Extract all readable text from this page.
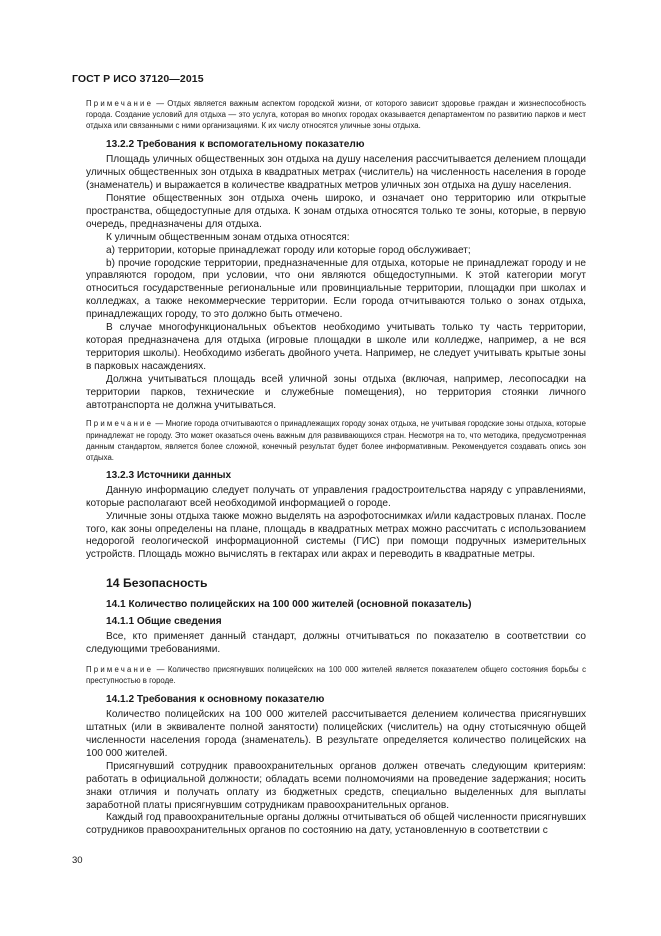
ГОСТ Р ИСО 37120—2015

Примечание — Отдых является важным аспектом городской жизни, от которого зависит здоровье граждан и жизнеспособность города. Создание условий для отдыха — это услуга, которая во многих городах оказывается департаментом по развитию парков и мест отдыха или связанными с ними организациями. К их числу относятся уличные зоны отдыха.

13.2.2 Требования к вспомогательному показателю

Площадь уличных общественных зон отдыха на душу населения рассчитывается делением площади уличных общественных зон отдыха в квадратных метрах (числитель) на численность населения в городе (знаменатель) и выражается в количестве квадратных метров уличных зон отдыха на душу населения.

Понятие общественных зон отдыха очень широко, и означает оно территорию или открытые пространства, общедоступные для отдыха. К зонам отдыха относятся только те зоны, которые, в первую очередь, предназначены для отдыха.

К уличным общественным зонам отдыха относятся:

а) территории, которые принадлежат городу или которые город обслуживает;

b) прочие городские территории, предназначенные для отдыха, которые не принадлежат городу и не управляются городом, при условии, что они являются общедоступными. К этой категории могут относиться государственные региональные или провинциальные территории, площадки при школах и колледжах, а также некоммерческие территории. Если города отчитываются только о зонах отдыха, принадлежащих городу, то это должно быть отмечено.

В случае многофункциональных объектов необходимо учитывать только ту часть территории, которая предназначена для отдыха (игровые площадки в школе или колледже, например, а не вся территория школы). Необходимо избегать двойного учета. Например, не следует учитывать крытые зоны в парковых насаждениях.

Должна учитываться площадь всей уличной зоны отдыха (включая, например, лесопосадки на территории парков, технические и служебные помещения), но территория стоянки личного автотранспорта не должна учитываться.

Примечание — Многие города отчитываются о принадлежащих городу зонах отдыха, не учитывая городские зоны отдыха, которые принадлежат не городу. Это может оказаться очень важным для развивающихся стран. Несмотря на то, что методика, предусмотренная данным стандартом, является более сложной, конечный результат будет более информативным. Рекомендуется создавать опись зон отдыха.

13.2.3 Источники данных

Данную информацию следует получать от управления градостроительства наряду с управлениями, которые располагают всей необходимой информацией о городе.

Уличные зоны отдыха также можно выделять на аэрофотоснимках и/или кадастровых планах. После того, как зоны определены на плане, площадь в квадратных метрах можно рассчитать с использованием недорогой геологической информационной системы (ГИС) при помощи подручных измерительных устройств. Площадь можно вычислять в гектарах или акрах и переводить в квадратные метры.

14 Безопасность

14.1 Количество полицейских на 100 000 жителей (основной показатель)

14.1.1 Общие сведения

Все, кто применяет данный стандарт, должны отчитываться по показателю в соответствии со следующими требованиями.

Примечание — Количество присягнувших полицейских на 100 000 жителей является показателем общего состояния борьбы с преступностью в городе.

14.1.2 Требования к основному показателю

Количество полицейских на 100 000 жителей рассчитывается делением количества присягнувших штатных (или в эквиваленте полной занятости) полицейских (числитель) на одну стотысячную общей численности населения города (знаменатель). В результате определяется количество полицейских на 100 000 жителей.

Присягнувший сотрудник правоохранительных органов должен отвечать следующим критериям: работать в официальной должности; обладать всеми полномочиями на проведение задержания; носить знаки отличия и получать оплату из бюджетных средств, специально выделенных для выплаты заработной платы присягнувшим сотрудникам правоохранительных органов.

Каждый год правоохранительные органы должны отчитываться об общей численности присягнувших сотрудников правоохранительных органов по состоянию на дату, установленную в соответствии с

30
